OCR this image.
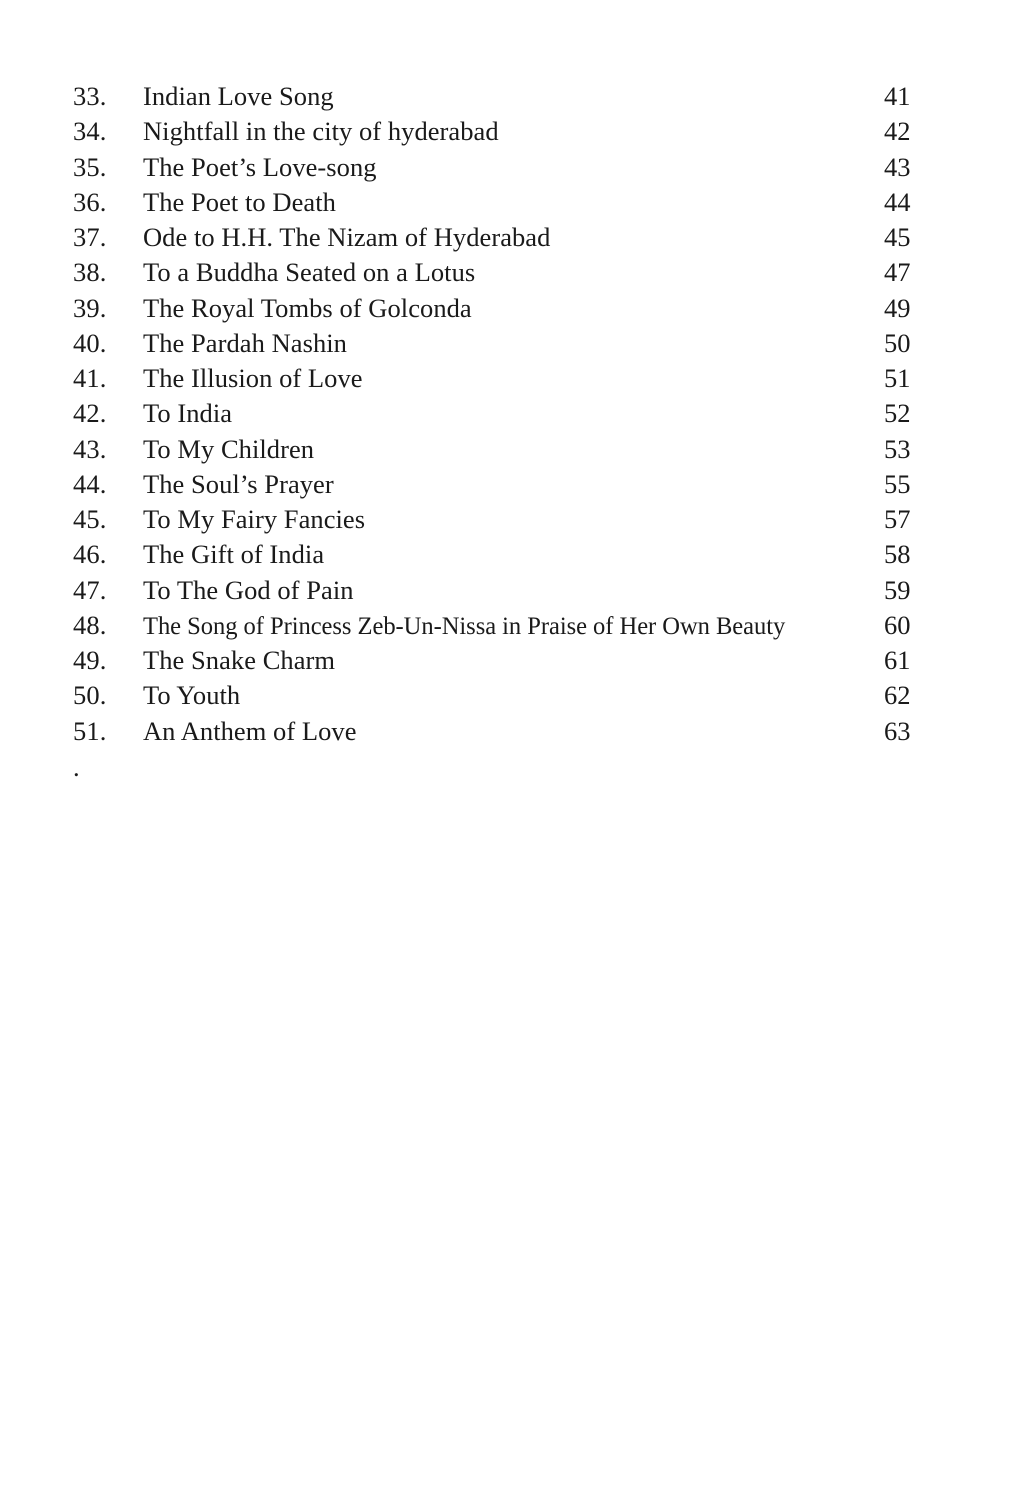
33.	Indian Love Song	41
34.	Nightfall in the city of hyderabad	42
35.	The Poet’s Love-song	43
36.	The Poet to Death	44
37.	Ode to H.H. The Nizam of Hyderabad	45
38.	To a Buddha Seated on a Lotus	47
39.	The Royal Tombs of Golconda	49
40.	The Pardah Nashin	50
41.	The Illusion of Love	51
42.	To India	52
43.	To My Children	53
44.	The Soul’s Prayer	55
45.	To My Fairy Fancies	57
46.	The Gift of India	58
47.	To The God of Pain	59
48.	The Song of Princess Zeb-Un-Nissa in Praise of Her Own Beauty	60
49.	The Snake Charm	61
50.	To Youth	62
51.	An Anthem of Love	63
.
